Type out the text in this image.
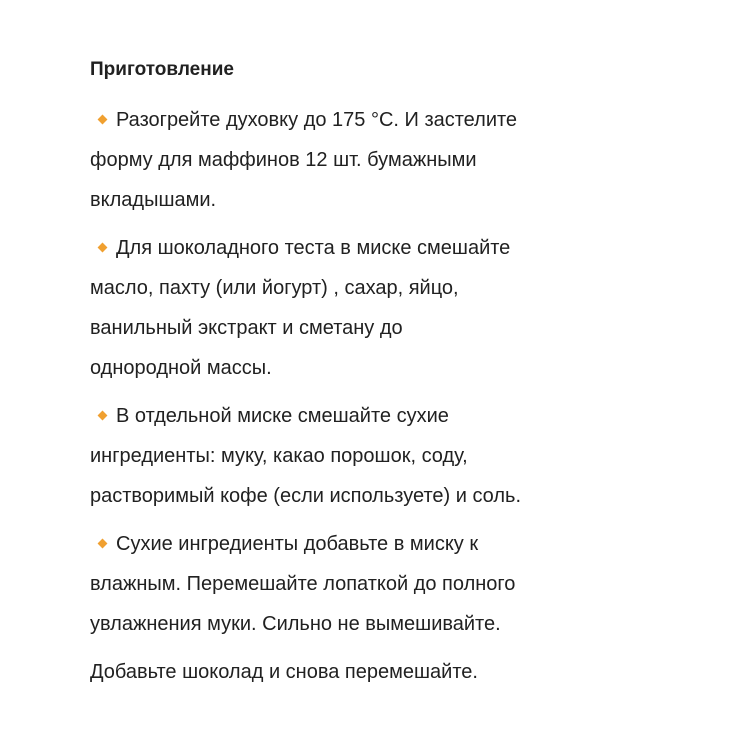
Приготовление
Разогрейте духовку до 175 °C. И застелите
форму для маффинов 12 шт. бумажными
вкладышами.
Для шоколадного теста в миске смешайте
масло, пахту (или йогурт) , сахар, яйцо,
ванильный экстракт и сметану до
однородной массы.
В отдельной миске смешайте сухие
ингредиенты: муку, какао порошок, соду,
растворимый кофе (если используете) и соль.
Сухие ингредиенты добавьте в миску к
влажным. Перемешайте лопаткой до полного
увлажнения муки. Сильно не вымешивайте.
Добавьте шоколад и снова перемешайте.
